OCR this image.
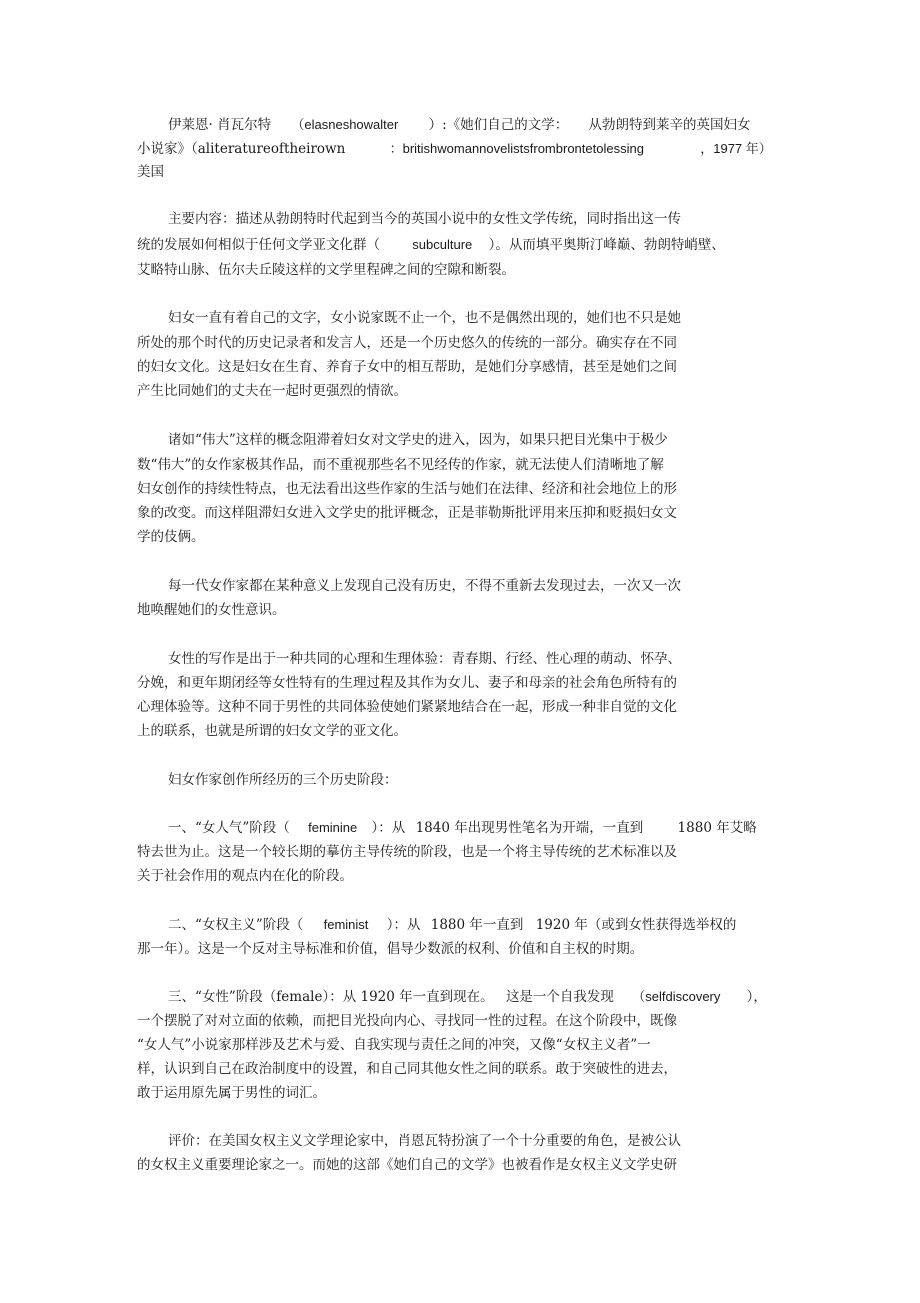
伊莱恩· 肖瓦尔特 （elasneshowalter ）:《她们自己的文学： 从勃朗特到莱辛的英国妇女
小说家》（aliteratureoftheirown	：britishwomannovelistsfrombrontetolessing	，1977 年）
美国
主要内容：描述从勃朗特时代起到当今的英国小说中的女性文学传统，同时指出这一传
统的发展如何相似于任何文学亚文化群（ subculture ）。从而填平奥斯汀峰巅、勃朗特峭壁、
艾略特山脉、伍尔夫丘陵这样的文学里程碑之间的空隙和断裂。
妇女一直有着自己的文字，女小说家既不止一个，也不是偶然出现的，她们也不只是她
所处的那个时代的历史记录者和发言人，还是一个历史悠久的传统的一部分。确实存在不同
的妇女文化。这是妇女在生育、养育子女中的相互帮助，是她们分享感情，甚至是她们之间
产生比同她们的丈夫在一起时更强烈的情欲。
诸如“伟大”这样的概念阻滞着妇女对文学史的进入，因为，如果只把目光集中于极少
数“伟大”的女作家极其作品，而不重视那些名不见经传的作家，就无法使人们清晰地了解
妇女创作的持续性特点，也无法看出这些作家的生活与她们在法律、经济和社会地位上的形
象的改变。而这样阻滞妇女进入文学史的批评概念，正是菲勒斯批评用来压抑和贬损妇女文
学的伎俩。
每一代女作家都在某种意义上发现自己没有历史，不得不重新去发现过去，一次又一次
地唤醒她们的女性意识。
女性的写作是出于一种共同的心理和生理体验：青春期、行经、性心理的萌动、怀孕、
分娩，和更年期闭经等女性特有的生理过程及其作为女儿、妻子和母亲的社会角色所特有的
心理体验等。这种不同于男性的共同体验使她们紧紧地结合在一起，形成一种非自觉的文化
上的联系，也就是所谓的妇女文学的亚文化。
妇女作家创作所经历的三个历史阶段：
一、“女人气”阶段（ feminine ）：从 1840 年出现男性笔名为开端，一直到	1880 年艾略
特去世为止。这是一个较长期的摹仿主导传统的阶段，也是一个将主导传统的艺术标准以及
关于社会作用的观点内在化的阶段。
二、“女权主义”阶段（ feminist ）：从 1880 年一直到 1920 年（或到女性获得选举权的
那一年）。这是一个反对主导标准和价值，倡导少数派的权利、价值和自主权的时期。
三、“女性”阶段（female）：从 1920 年一直到现在。 这是一个自我发现 （selfdiscovery ），
一个摆脱了对对立面的依赖，而把目光投向内心、寻找同一性的过程。在这个阶段中，既像
“女人气”小说家那样涉及艺术与爱、自我实现与责任之间的冲突，又像“女权主义者”一
样，认识到自己在政治制度中的设置，和自己同其他女性之间的联系。敢于突破性的进去，
敢于运用原先属于男性的词汇。
评价：在美国女权主义文学理论家中，肖恩瓦特扮演了一个十分重要的角色，是被公认
的女权主义重要理论家之一。而她的这部《她们自己的文学》也被看作是女权主义文学史研
